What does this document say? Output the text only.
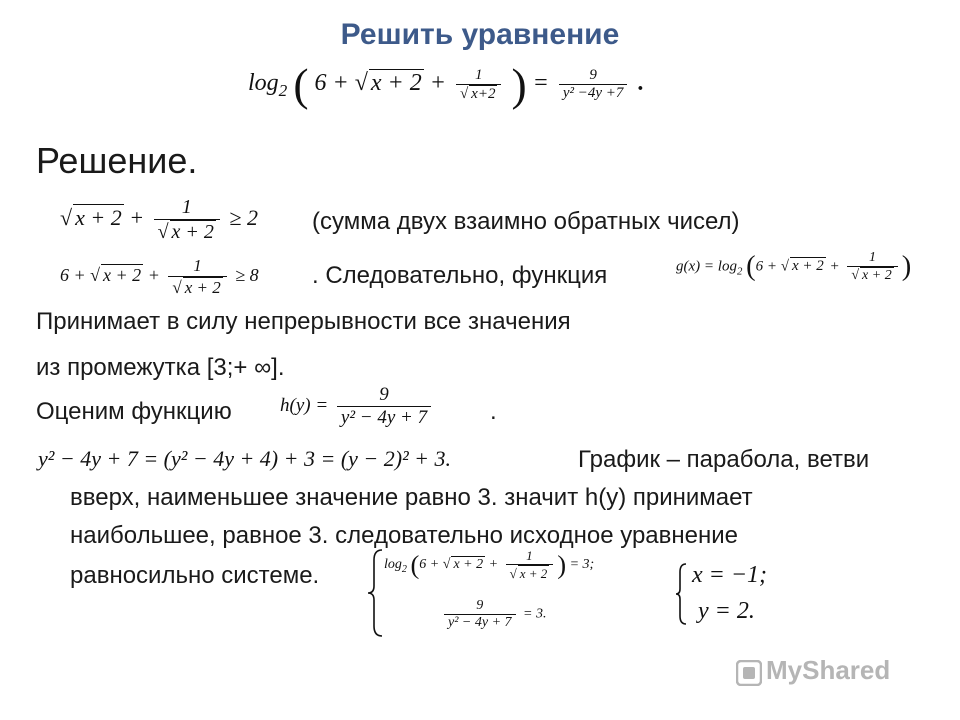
Решить уравнение
$\log_2$ ( 6 + √ $x + 2 + \frac{1}{√ x+2}$ ) = $\frac{9}{\text{y² −4y +7}}$ .
Решение.
√ $x + 2 + \frac{1}{√ x + 2} \ge 2$ (сумма двух взаимно обратных чисел)
6 + √ $x + 2 + \frac{1}{√ x + 2} \ge 8$ . Следовательно, функция	$g(x) = \log_2 (6$ + √ $x + 2 + \frac{1}{√ x + 2}$ )
Принимает в силу непрерывности все значения
из промежутка [3;+ ∞].
Оценим функцию	$h(y) = \frac{9}{\text{y² − 4y + 7}}$ .
y² − 4y + 7 = (y² − 4y + 4) + 3 = (y − 2)² + 3.	График – парабола, ветви
вверх, наименьшее значение равно 3. значит h(y) принимает
наибольшее, равное 3. следовательно исходное уравнение
равносильно системе.	$\log_2 (6$ + √ $x + 2 + \frac{1}{√ x + 2}$ ) = 3;
$\frac{9}{\text{y² − 4y + 7}} = 3$.
x = −1;
y = 2.
MyShared
